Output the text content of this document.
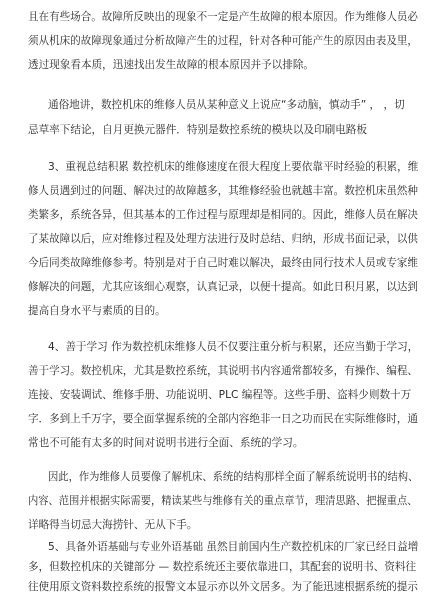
且在有些场合。故障所反映出的现象不一定是产生故障的根本原因。作为维修人员必
须从机床的故障现象通过分析故障产生的过程，针对各种可能产生的原因由表及里，
透过现象看本质，迅速找出发生故障的根本原因并予以排除。
通俗地讲，数控机床的维修人员从某种意义上说应“多动脑，慎动手” ， ，切
忌草率下结论，自月更换元器件．特别是数控系统的模块以及印刷电路板
3、重视总结积累 数控机床的维修速度在很大程度上要依靠平时经验的积累，维
修人员遇到过的问题、解决过的故障越多，其维修经验也就越丰富。数控机床虽然种
类繁多，系统各异，但其基本的工作过程与原理却是相同的。因此，维修人员在解决
了某故障以后，应对维修过程及处理方法进行及时总结、归纳，形成书面记录，以供
今后同类故障维修参考。特别是对于自己时难以解决，最终由同行技术人员或专家维
修解决的问题，尤其应该细心观察，认真记录，以便十提高。如此日积月累，以达到
提高自身水平与素质的目的。
4、善于学习 作为数控机床维修人员不仅要注重分析与积累，还应当勤于学习，
善于学习。数控机床，尤其是数控系统，其说明书内容通常都较多，有操作、编程、
连接、安装调试、维修手册、功能说明、PLC 编程等。这些手册、盗料少则数十万
字．多到上千万字，要全面掌握系统的全部内容绝非一日之功而民在实际维修时，通
常也不可能有太多的时间对说明书进行全面、系统的学习。
因此，作为维修人员要像了解机床、系统的结构那样全面了解系统说明书的结构、
内容、范围并根据实际需要，精读某些与维修有关的重点章节，理清思路、把握重点、
详略得当切忌大海捞针、无从下手。
5、具备外语基础与专业外语基础 虽然目前国内生产数控机床的厂家已经日益增
多，但数控机床的关键部分 — 数控系统还主要依靠进口，其配套的说明书、资料往
往使用原文资料数控系统的报警文本显示亦以外文居多。为了能迅速根据系统的提示
